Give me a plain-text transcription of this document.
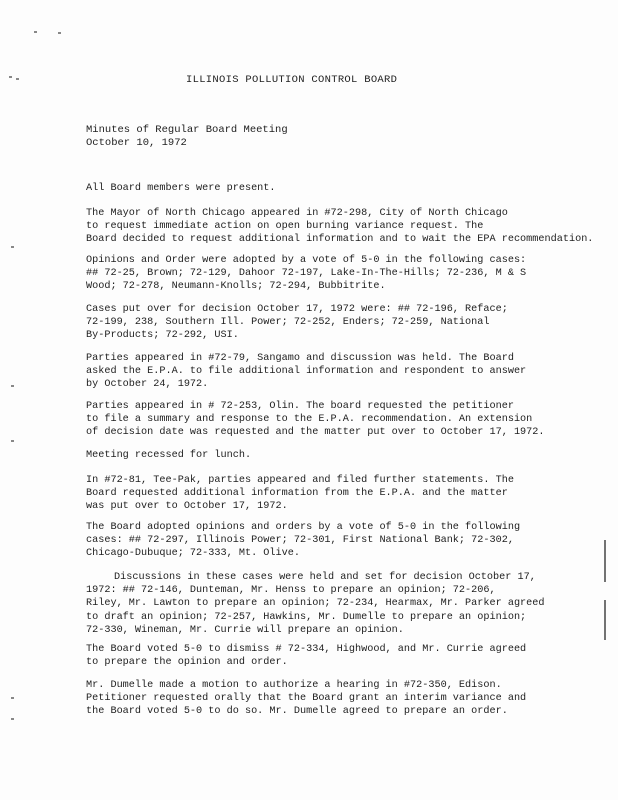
ILLINOIS POLLUTION CONTROL BOARD
Minutes of Regular Board Meeting
October 10, 1972
All Board members were present.
The Mayor of North Chicago appeared in #72-298, City of North Chicago
to request immediate action on open burning variance request. The
Board decided to request additional information and to wait the EPA recommendation.
Opinions and Order were adopted by a vote of 5-0 in the following cases:
## 72-25, Brown; 72-129, Dahoor 72-197, Lake-In-The-Hills; 72-236, M & S
Wood; 72-278, Neumann-Knolls; 72-294, Bubbitrite.
Cases put over for decision October 17, 1972 were: ## 72-196, Reface;
72-199, 238, Southern Ill. Power; 72-252, Enders; 72-259, National
By-Products; 72-292, USI.
Parties appeared in #72-79, Sangamo and discussion was held. The Board
asked the E.P.A. to file additional information and respondent to answer
by October 24, 1972.
Parties appeared in # 72-253, Olin. The board requested the petitioner
to file a summary and response to the E.P.A. recommendation. An extension
of decision date was requested and the matter put over to October 17, 1972.
Meeting recessed for lunch.
In #72-81, Tee-Pak, parties appeared and filed further statements. The
Board requested additional information from the E.P.A. and the matter
was put over to October 17, 1972.
The Board adopted opinions and orders by a vote of 5-0 in the following
cases: ## 72-297, Illinois Power; 72-301, First National Bank; 72-302,
Chicago-Dubuque; 72-333, Mt. Olive.
Discussions in these cases were held and set for decision October 17,
1972: ## 72-146, Dunteman, Mr. Henss to prepare an opinion; 72-206,
Riley, Mr. Lawton to prepare an opinion; 72-234, Hearmax, Mr. Parker agreed
to draft an opinion; 72-257, Hawkins, Mr. Dumelle to prepare an opinion;
72-330, Wineman, Mr. Currie will prepare an opinion.
The Board voted 5-0 to dismiss # 72-334, Highwood, and Mr. Currie agreed
to prepare the opinion and order.
Mr. Dumelle made a motion to authorize a hearing in #72-350, Edison.
Petitioner requested orally that the Board grant an interim variance and
the Board voted 5-0 to do so. Mr. Dumelle agreed to prepare an order.
